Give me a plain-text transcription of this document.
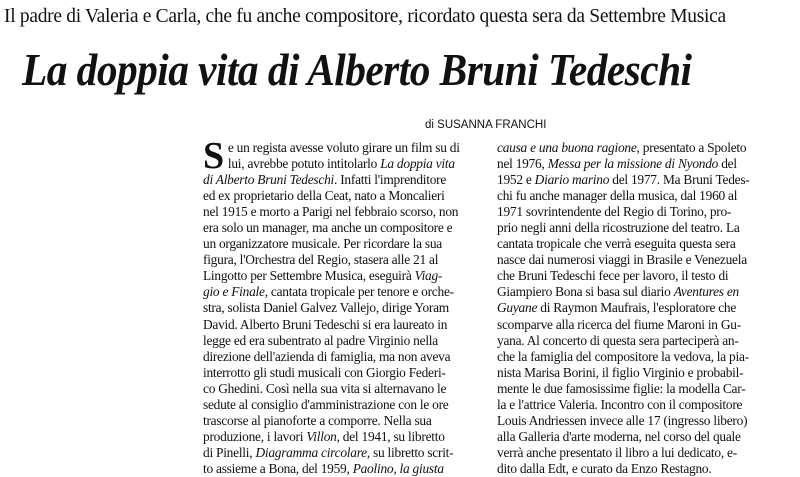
Il padre di Valeria e Carla, che fu anche compositore, ricordato questa sera da Settembre Musica
La doppia vita di Alberto Bruni Tedeschi
di SUSANNA FRANCHI
S e un regista avesse voluto girare un film su di
lui, avrebbe potuto intitolarlo La doppia vita
di Alberto Bruni Tedeschi. Infatti l'imprenditore
ed ex proprietario della Ceat, nato a Moncalieri
nel 1915 e morto a Parigi nel febbraio scorso, non
era solo un manager, ma anche un compositore e
un organizzatore musicale. Per ricordare la sua
figura, l'Orchestra del Regio, stasera alle 21 al
Lingotto per Settembre Musica, eseguirà Viag-
gio e Finale, cantata tropicale per tenore e orche-
stra, solista Daniel Galvez Vallejo, dirige Yoram
David. Alberto Bruni Tedeschi si era laureato in
legge ed era subentrato al padre Virginio nella
direzione dell'azienda di famiglia, ma non aveva
interrotto gli studi musicali con Giorgio Federi-
co Ghedini. Così nella sua vita si alternavano le
sedute al consiglio d'amministrazione con le ore
trascorse al pianoforte a comporre. Nella sua
produzione, i lavori Villon, del 1941, su libretto
di Pinelli, Diagramma circolare, su libretto scrit-
to assieme a Bona, del 1959, Paolino, la giusta
causa e una buona ragione, presentato a Spoleto
nel 1976, Messa per la missione di Nyondo del
1952 e Diario marino del 1977. Ma Bruni Tedes-
chi fu anche manager della musica, dal 1960 al
1971 sovrintendente del Regio di Torino, pro-
prio negli anni della ricostruzione del teatro. La
cantata tropicale che verrà eseguita questa sera
nasce dai numerosi viaggi in Brasile e Venezuela
che Bruni Tedeschi fece per lavoro, il testo di
Giampiero Bona si basa sul diario Aventures en
Guyane di Raymon Maufrais, l'esploratore che
scomparve alla ricerca del fiume Maroni in Gu-
yana. Al concerto di questa sera parteciperà an-
che la famiglia del compositore la vedova, la pia-
nista Marisa Borini, il figlio Virginio e probabil-
mente le due famosissime figlie: la modella Car-
la e l'attrice Valeria. Incontro con il compositore
Louis Andriessen invece alle 17 (ingresso libero)
alla Galleria d'arte moderna, nel corso del quale
verrà anche presentato il libro a lui dedicato, e-
dito dalla Edt, e curato da Enzo Restagno.
